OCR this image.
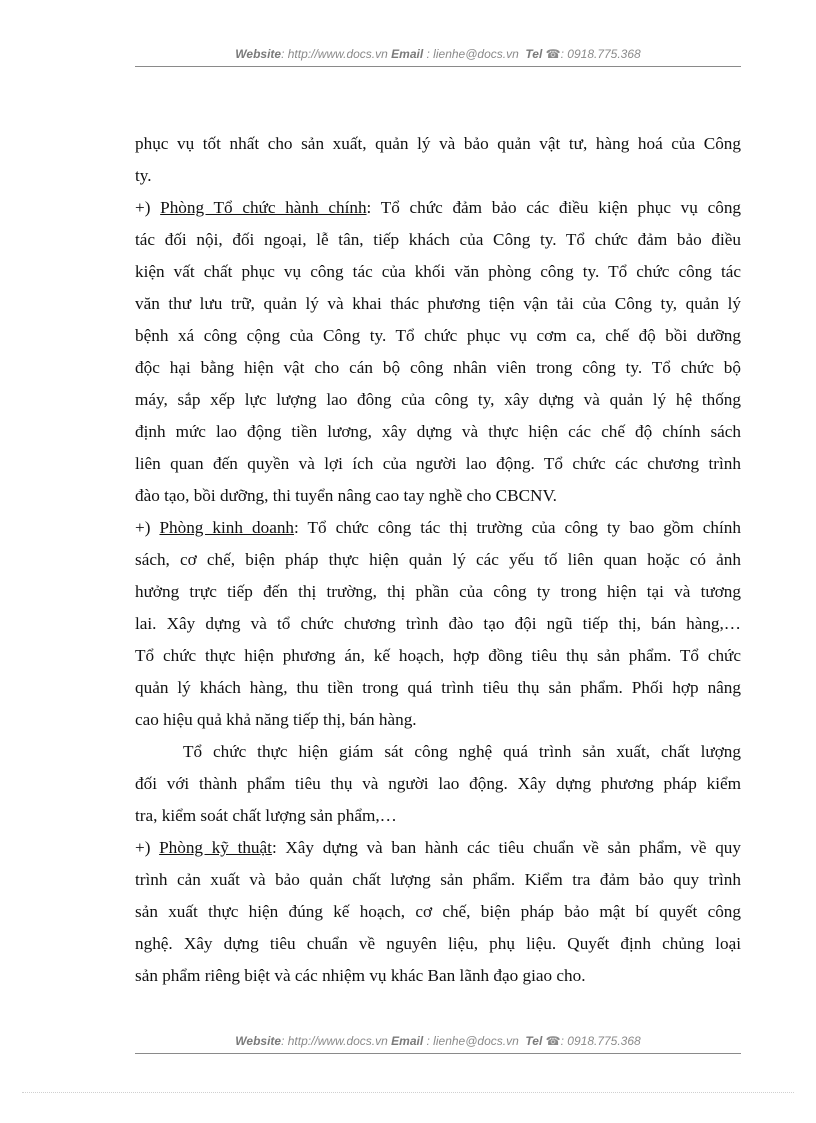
Website: http://www.docs.vn Email : lienhe@docs.vn Tel ☎: 0918.775.368
phục vụ tốt nhất cho sản xuất, quản lý và bảo quản vật tư, hàng hoá của Công
ty.
+) Phòng Tổ chức hành chính: Tổ chức đảm bảo các điều kiện phục vụ công
tác đối nội, đối ngoại, lễ tân, tiếp khách của Công ty. Tổ chức đảm bảo điều
kiện vất chất phục vụ công tác của khối văn phòng công ty. Tổ chức công tác
văn thư lưu trữ, quản lý và khai thác phương tiện vận tải của Công ty, quản lý
bệnh xá công cộng của Công ty. Tổ chức phục vụ cơm ca, chế độ bồi dưỡng
độc hại bằng hiện vật cho cán bộ công nhân viên trong công ty. Tổ chức bộ
máy, sắp xếp lực lượng lao đông của công ty, xây dựng và quản lý hệ thống
định mức lao động tiền lương, xây dựng và thực hiện các chế độ chính sách
liên quan đến quyền và lợi ích của người lao động. Tổ chức các chương trình
đào tạo, bồi dưỡng, thi tuyển nâng cao tay nghề cho CBCNV.
+) Phòng kinh doanh: Tổ chức công tác thị trường của công ty bao gồm chính
sách, cơ chế, biện pháp thực hiện quản lý các yếu tố liên quan hoặc có ảnh
hưởng trực tiếp đến thị trường, thị phần của công ty trong hiện tại và tương
lai. Xây dựng và tổ chức chương trình đào tạo đội ngũ tiếp thị, bán hàng,…
Tổ chức thực hiện phương án, kế hoạch, hợp đồng tiêu thụ sản phẩm. Tổ chức
quản lý khách hàng, thu tiền trong quá trình tiêu thụ sản phẩm. Phối hợp nâng
cao hiệu quả khả năng tiếp thị, bán hàng.
Tổ chức thực hiện giám sát công nghệ quá trình sản xuất, chất lượng
đối với thành phẩm tiêu thụ và người lao động. Xây dựng phương pháp kiểm
tra, kiểm soát chất lượng sản phẩm,…
+) Phòng kỹ thuật: Xây dựng và ban hành các tiêu chuẩn về sản phẩm, về quy
trình cản xuất và bảo quản chất lượng sản phẩm. Kiểm tra đảm bảo quy trình
sản xuất thực hiện đúng kế hoạch, cơ chế, biện pháp bảo mật bí quyết công
nghệ. Xây dựng tiêu chuẩn về nguyên liệu, phụ liệu. Quyết định chủng loại
sản phẩm riêng biệt và các nhiệm vụ khác Ban lãnh đạo giao cho.
Website: http://www.docs.vn Email : lienhe@docs.vn Tel ☎: 0918.775.368
